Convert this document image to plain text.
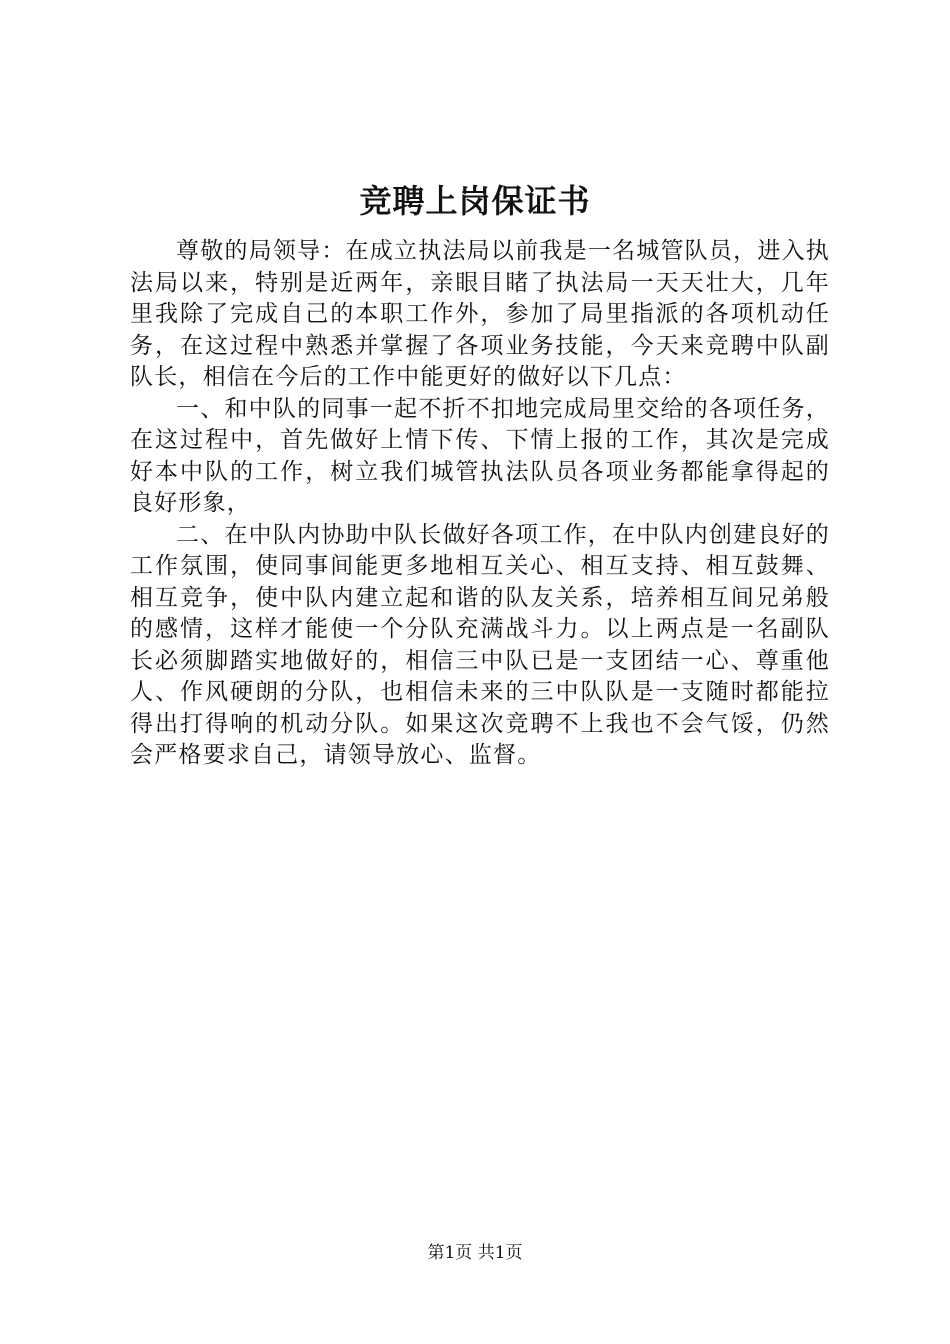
竞聘上岗保证书

尊敬的局领导：在成立执法局以前我是一名城管队员，进入执法局以来，特别是近两年，亲眼目睹了执法局一天天壮大，几年里我除了完成自己的本职工作外，参加了局里指派的各项机动任务，在这过程中熟悉并掌握了各项业务技能，今天来竞聘中队副队长，相信在今后的工作中能更好的做好以下几点：

一、和中队的同事一起不折不扣地完成局里交给的各项任务，在这过程中，首先做好上情下传、下情上报的工作，其次是完成好本中队的工作，树立我们城管执法队员各项业务都能拿得起的良好形象，

二、在中队内协助中队长做好各项工作，在中队内创建良好的工作氛围，使同事间能更多地相互关心、相互支持、相互鼓舞、相互竞争，使中队内建立起和谐的队友关系，培养相互间兄弟般的感情，这样才能使一个分队充满战斗力。以上两点是一名副队长必须脚踏实地做好的，相信三中队已是一支团结一心、尊重他人、作风硬朗的分队，也相信未来的三中队队是一支随时都能拉得出打得响的机动分队。如果这次竞聘不上我也不会气馁，仍然会严格要求自己，请领导放心、监督。

第1页 共1页
